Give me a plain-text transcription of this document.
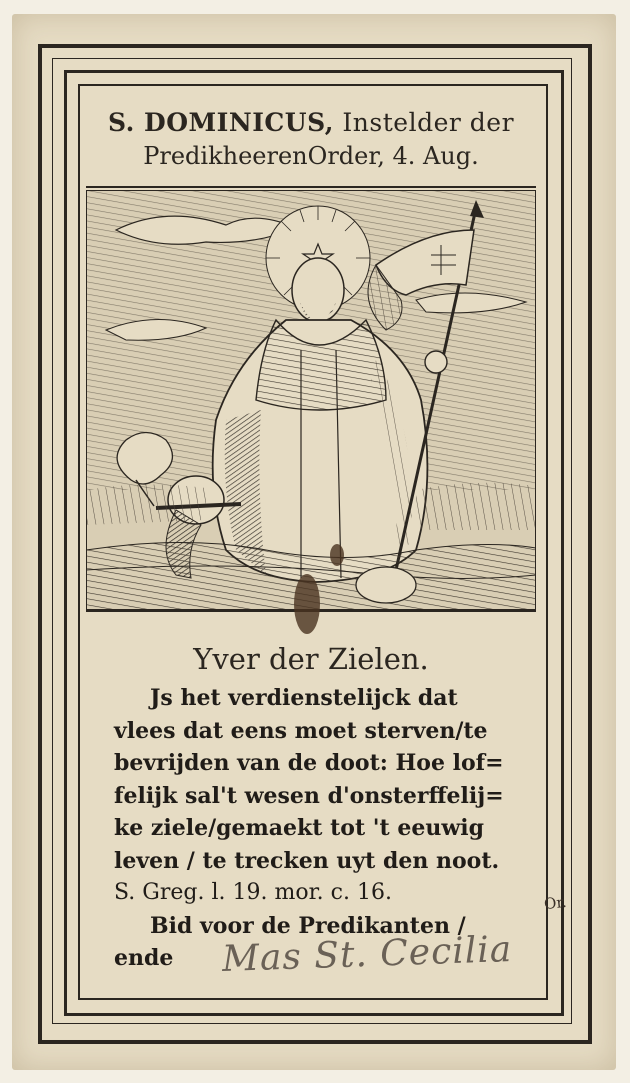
S. DOMINICUS, Instelder der
PredikheerenOrder, 4. Aug.
Yver der Zielen.
Js het verdienstelijck dat
vlees dat eens moet sterven/te
bevrijden van de doot: Hoe lof=
felijk sal't wesen d'onsterffelij=
ke ziele/gemaekt tot 't eeuwig
leven / te trecken uyt den noot.
S. Greg. l. 19. mor. c. 16.
Bid voor de Predikanten /
ende	Mas St. Cecilia
Or.
